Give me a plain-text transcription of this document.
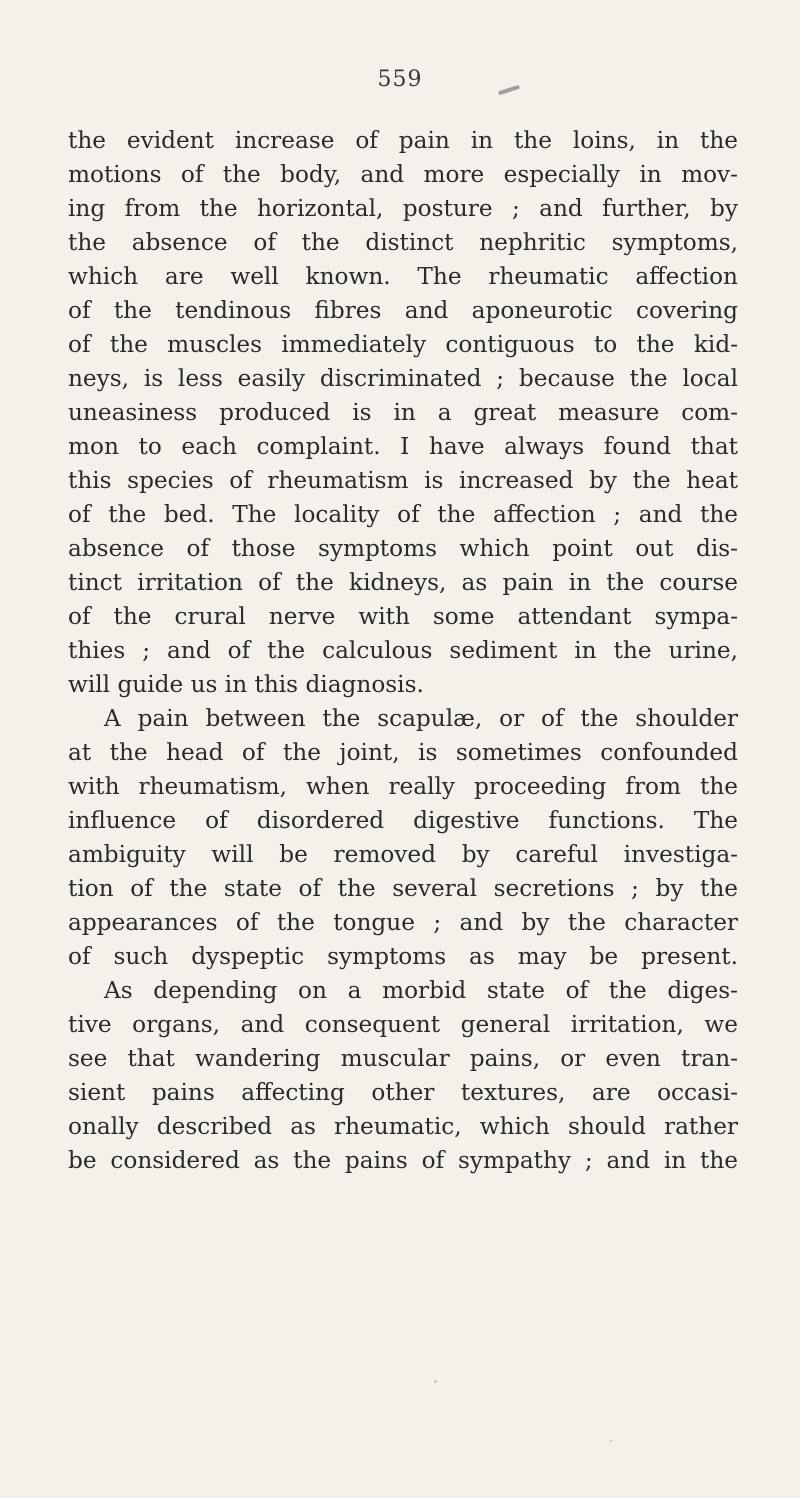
559
the evident increase of pain in the loins, in the
motions of the body, and more especially in mov-
ing from the horizontal, posture ; and further, by
the absence of the distinct nephritic symptoms,
which are well known. The rheumatic affection
of the tendinous fibres and aponeurotic covering
of the muscles immediately contiguous to the kid-
neys, is less easily discriminated ; because the local
uneasiness produced is in a great measure com-
mon to each complaint. I have always found that
this species of rheumatism is increased by the heat
of the bed. The locality of the affection ; and the
absence of those symptoms which point out dis-
tinct irritation of the kidneys, as pain in the course
of the crural nerve with some attendant sympa-
thies ; and of the calculous sediment in the urine,
will guide us in this diagnosis.
A pain between the scapulæ, or of the shoulder
at the head of the joint, is sometimes confounded
with rheumatism, when really proceeding from the
influence of disordered digestive functions. The
ambiguity will be removed by careful investiga-
tion of the state of the several secretions ; by the
appearances of the tongue ; and by the character
of such dyspeptic symptoms as may be present.
As depending on a morbid state of the diges-
tive organs, and consequent general irritation, we
see that wandering muscular pains, or even tran-
sient pains affecting other textures, are occasi-
onally described as rheumatic, which should rather
be considered as the pains of sympathy ; and in the
